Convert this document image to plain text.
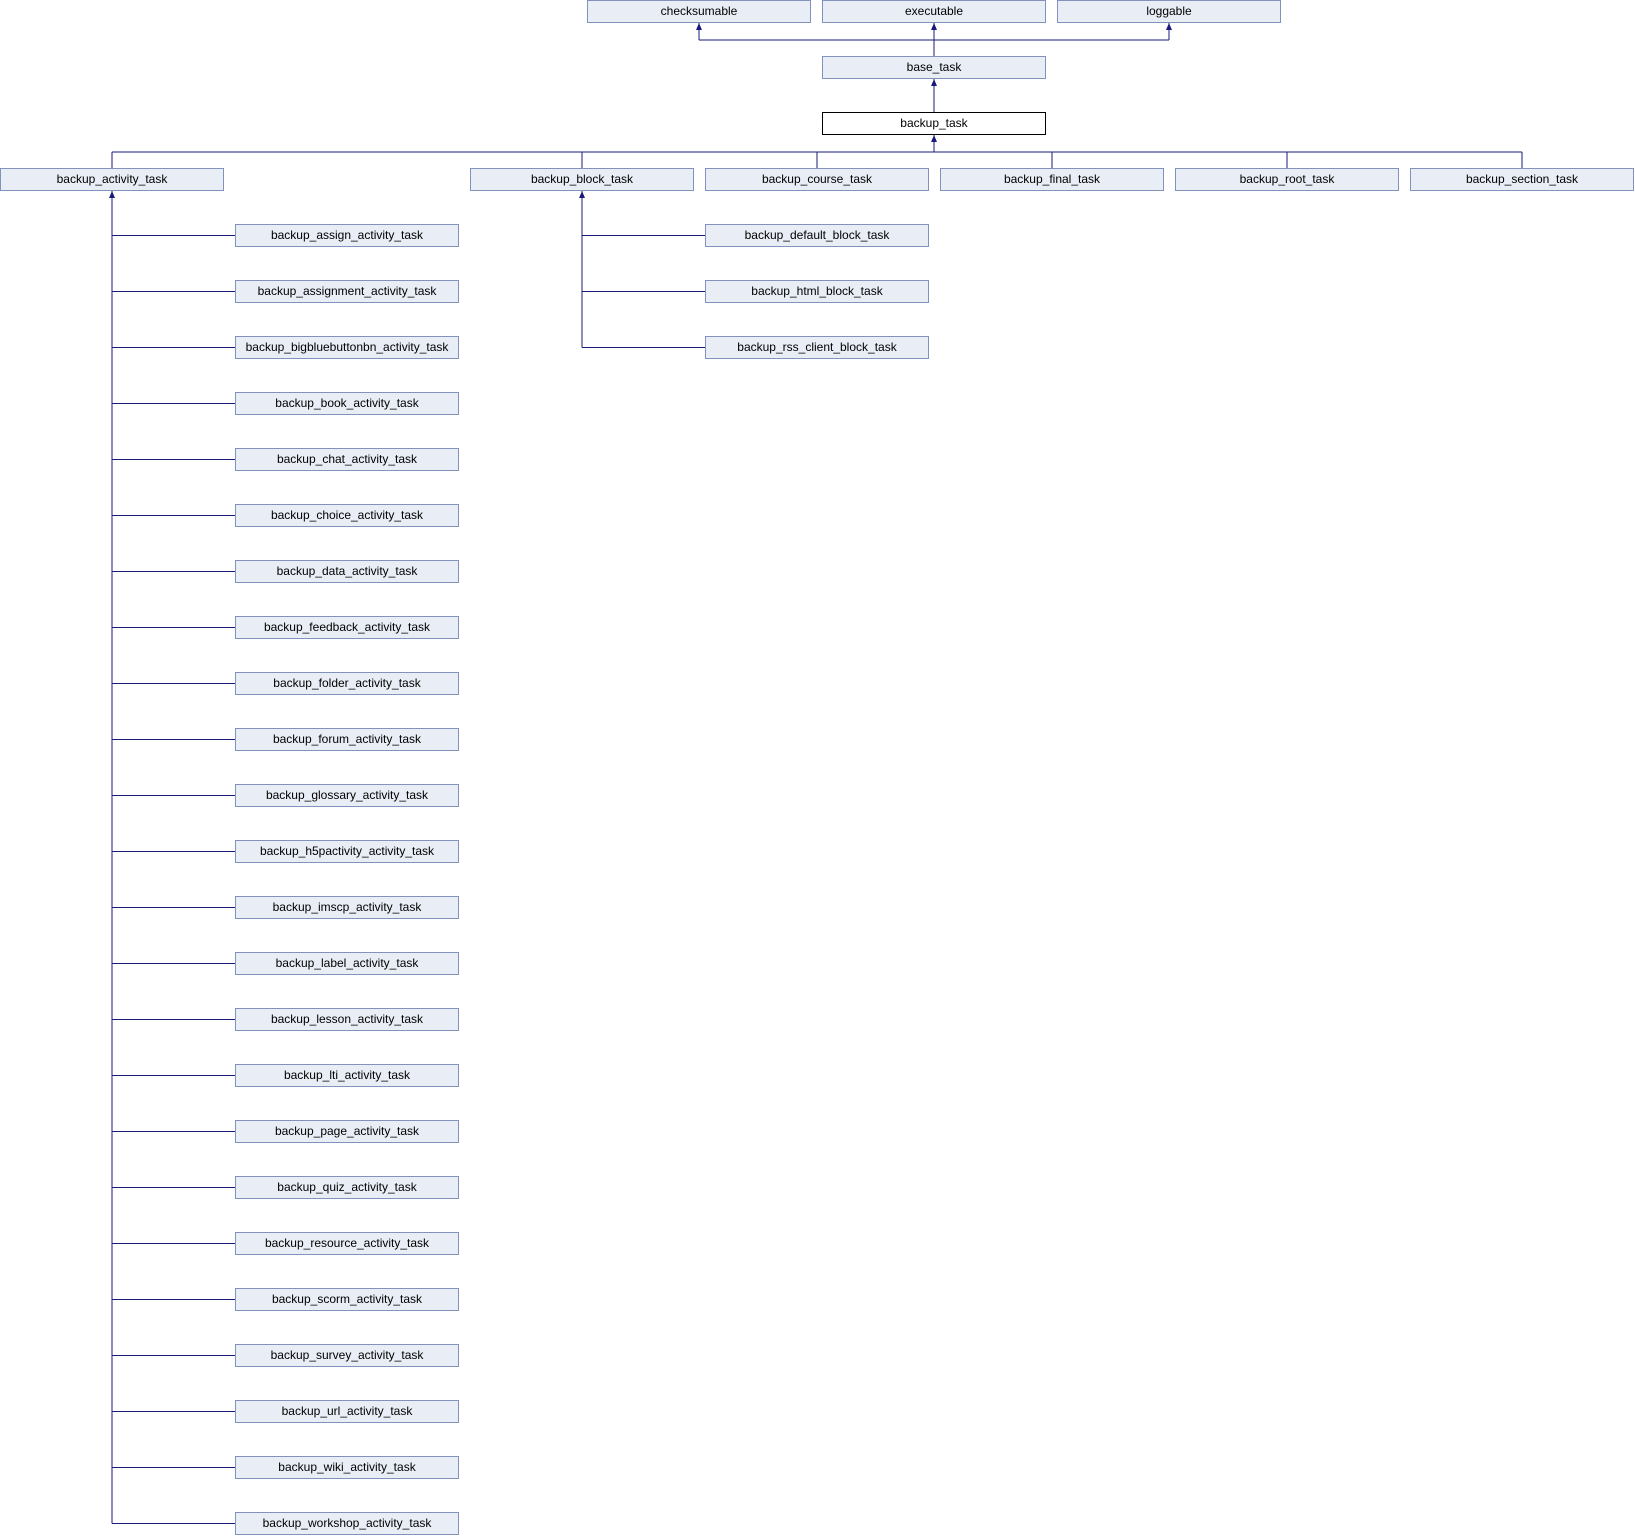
checksumable	executable	loggable
base_task
backup_task
backup_activity_task	backup_block_task	backup_course_task	backup_final_task	backup_root_task	backup_section_task
backup_assign_activity_task
backup_assignment_activity_task
backup_bigbluebuttonbn_activity_task
backup_book_activity_task
backup_chat_activity_task
backup_choice_activity_task
backup_data_activity_task
backup_feedback_activity_task
backup_folder_activity_task
backup_forum_activity_task
backup_glossary_activity_task
backup_h5pactivity_activity_task
backup_imscp_activity_task
backup_label_activity_task
backup_lesson_activity_task
backup_lti_activity_task
backup_page_activity_task
backup_quiz_activity_task
backup_resource_activity_task
backup_scorm_activity_task
backup_survey_activity_task
backup_url_activity_task
backup_wiki_activity_task
backup_workshop_activity_task
backup_default_block_task
backup_html_block_task
backup_rss_client_block_task
